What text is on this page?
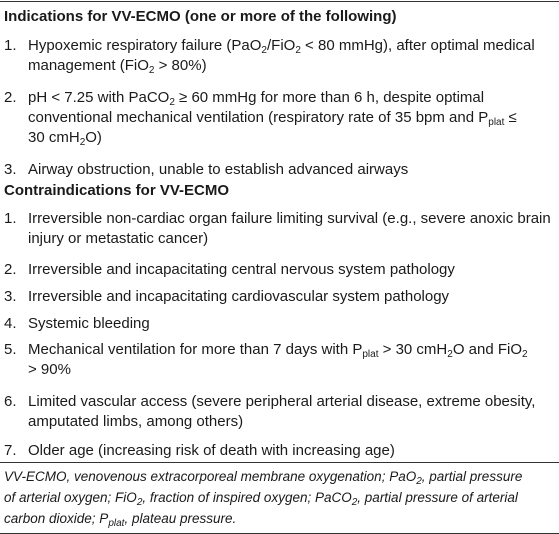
Indications for VV-ECMO (one or more of the following)
1. Hypoxemic respiratory failure (PaO$_2$/FiO$_2$ < 80 mmHg), after optimal medical
management (FiO$_2$ > 80%)
2. pH < 7.25 with PaCO$_2$ ≥ 60 mmHg for more than 6 h, despite optimal
conventional mechanical ventilation (respiratory rate of 35 bpm and $P_{plat}$ ≤
30 cmH$_2$O)
3. Airway obstruction, unable to establish advanced airways
Contraindications for VV-ECMO
1. Irreversible non-cardiac organ failure limiting survival (e.g., severe anoxic brain
injury or metastatic cancer)
2. Irreversible and incapacitating central nervous system pathology
3. Irreversible and incapacitating cardiovascular system pathology
4. Systemic bleeding
5. Mechanical ventilation for more than 7 days with $P_{plat} > 30$ cmH$_2$O and FiO$_2$
> 90%
6. Limited vascular access (severe peripheral arterial disease, extreme obesity,
amputated limbs, among others)
7. Older age (increasing risk of death with increasing age)
VV-ECMO, venovenous extracorporeal membrane oxygenation; PaO$_2$, partial pressure
of arterial oxygen; FiO$_2$, fraction of inspired oxygen; PaCO$_2$, partial pressure of arterial
carbon dioxide; $P_{plat}$, plateau pressure.
